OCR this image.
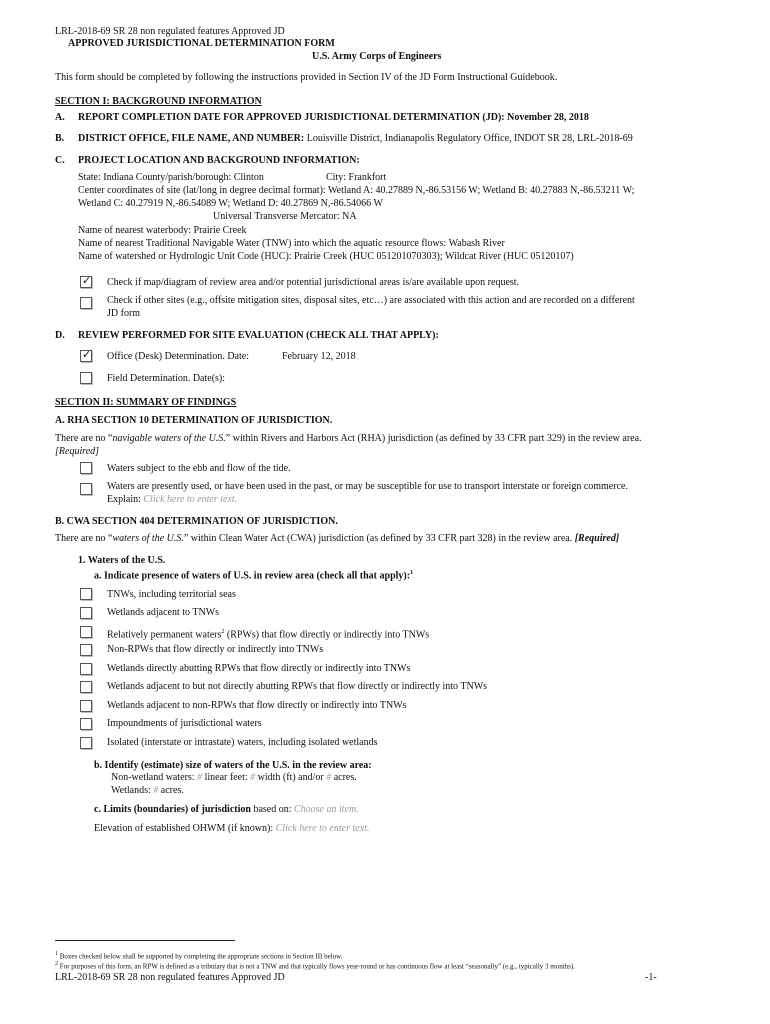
LRL-2018-69 SR 28 non regulated features Approved JD
APPROVED JURISDICTIONAL DETERMINATION FORM
U.S. Army Corps of Engineers
This form should be completed by following the instructions provided in Section IV of the JD Form Instructional Guidebook.
SECTION I: BACKGROUND INFORMATION
A. REPORT COMPLETION DATE FOR APPROVED JURISDICTIONAL DETERMINATION (JD): November 28, 2018
B. DISTRICT OFFICE, FILE NAME, AND NUMBER: Louisville District, Indianapolis Regulatory Office, INDOT SR 28, LRL-2018-69
C. PROJECT LOCATION AND BACKGROUND INFORMATION:
State: Indiana County/parish/borough: Clinton	City: Frankfort
Center coordinates of site (lat/long in degree decimal format): Wetland A: 40.27889 N,-86.53156 W; Wetland B: 40.27883 N,-86.53211 W;
Wetland C: 40.27919 N,-86.54089 W; Wetland D: 40.27869 N,-86.54066 W
Universal Transverse Mercator: NA
Name of nearest waterbody: Prairie Creek
Name of nearest Traditional Navigable Water (TNW) into which the aquatic resource flows: Wabash River
Name of watershed or Hydrologic Unit Code (HUC): Prairie Creek (HUC 051201070303); Wildcat River (HUC 05120107)
✓
Check if map/diagram of review area and/or potential jurisdictional areas is/are available upon request.
Check if other sites (e.g., offsite mitigation sites, disposal sites, etc…) are associated with this action and are recorded on a different
JD form
D. REVIEW PERFORMED FOR SITE EVALUATION (CHECK ALL THAT APPLY):
✓
Office (Desk) Determination. Date:	February 12, 2018
Field Determination. Date(s):
SECTION II: SUMMARY OF FINDINGS
A. RHA SECTION 10 DETERMINATION OF JURISDICTION.
There are no “navigable waters of the U.S.” within Rivers and Harbors Act (RHA) jurisdiction (as defined by 33 CFR part 329) in the review area.
[Required]
Waters subject to the ebb and flow of the tide.
Waters are presently used, or have been used in the past, or may be susceptible for use to transport interstate or foreign commerce.
Explain: Click here to enter text.
B. CWA SECTION 404 DETERMINATION OF JURISDICTION.
There are no “waters of the U.S.” within Clean Water Act (CWA) jurisdiction (as defined by 33 CFR part 328) in the review area. [Required]
1. Waters of the U.S.
a. Indicate presence of waters of U.S. in review area (check all that apply):$^1$
TNWs, including territorial seas
Wetlands adjacent to TNWs
Relatively permanent waters$^2$ (RPWs) that flow directly or indirectly into TNWs
Non-RPWs that flow directly or indirectly into TNWs
Wetlands directly abutting RPWs that flow directly or indirectly into TNWs
Wetlands adjacent to but not directly abutting RPWs that flow directly or indirectly into TNWs
Wetlands adjacent to non-RPWs that flow directly or indirectly into TNWs
Impoundments of jurisdictional waters
Isolated (interstate or intrastate) waters, including isolated wetlands
b. Identify (estimate) size of waters of the U.S. in the review area:
Non-wetland waters: # linear feet: # width (ft) and/or # acres.
Wetlands: # acres.
c. Limits (boundaries) of jurisdiction based on: Choose an item.
Elevation of established OHWM (if known): Click here to enter text.
$^1$ Boxes checked below shall be supported by completing the appropriate sections in Section III below.
$^2$ For purposes of this form, an RPW is defined as a tributary that is not a TNW and that typically flows year-round or has continuous flow at least “seasonally” (e.g., typically 3 months).
LRL-2018-69 SR 28 non regulated features Approved JD	-1-
